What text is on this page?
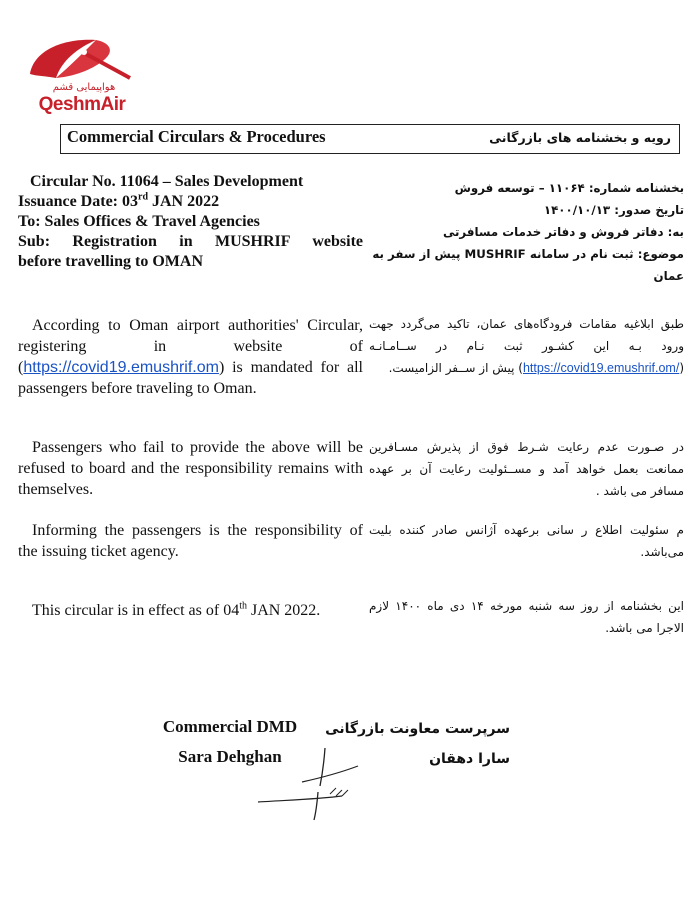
هواپیمایی قشم
QeshmAir
Commercial Circulars & Procedures	رویه و بخشنامه های بازرگانی
Circular No. 11064 – Sales Development
Issuance Date: 03rd JAN 2022
To: Sales Offices & Travel Agencies
Sub: Registration in MUSHRIF website
before travelling to OMAN
بخشنامه شماره: ۱۱۰۶۴ – توسعه فروش
تاریخ صدور: ۱۴۰۰/۱۰/۱۳
به: دفاتر فروش و دفاتر خدمات مسافرتی
موضوع: ثبت نام در سامانه MUSHRIF پیش از سفر به عمان
According to Oman airport authorities' Circular, registering in website of (https://covid19.emushrif.om) is mandated for all passengers before traveling to Oman.
Passengers who fail to provide the above will be refused to board and the responsibility remains with themselves.
Informing the passengers is the responsibility of the issuing ticket agency.
This circular is in effect as of 04th JAN 2022.
طبق ابلاغیه مقامات فرودگاه‌های عمان، تاکید می‌گردد جهت ورود بـه این کشـور ثبت نـام در ســامـانـه (https://covid19.emushrif.om/) پیش از ســفر الزامیست.
در صـورت عدم رعایت شـرط فوق از پذیرش مسـافرین ممانعت بعمل خواهد آمد و مســئولیت رعایت آن بر عهده مسافر می باشد .
م سئولیت اطلاع ر سانی برعهده آژانس صادر کننده بلیت می‌باشد.
این بخشنامه از روز سه شنبه مورخه ۱۴ دی ماه ۱۴۰۰ لازم الاجرا می باشد.
Commercial DMD
Sara Dehghan
سرپرست معاونت بازرگانی
سارا دهقان
